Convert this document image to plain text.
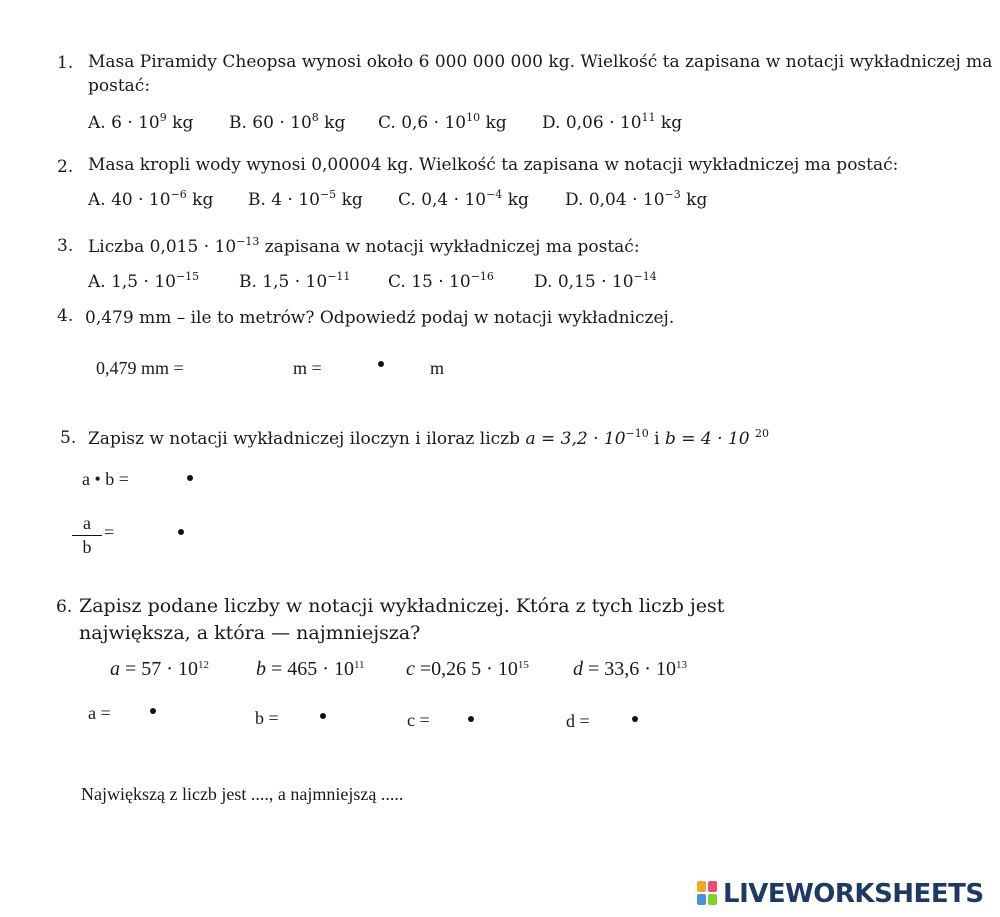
1. Masa Piramidy Cheopsa wynosi około 6 000 000 000 kg. Wielkość ta zapisana w notacji wykładniczej ma
postać:
A. $6 \cdot 10^9$ kg B. $60 \cdot 10^8$ kg C. $0,6 \cdot 10^{10}$ kg D. $0,06 \cdot 10^{11}$ kg
2. Masa kropli wody wynosi 0,00004 kg. Wielkość ta zapisana w notacji wykładniczej ma postać:
A. $40 \cdot 10^{-6}$ kg B. $4 \cdot 10^{-5}$ kg C. $0,4 \cdot 10^{-4}$ kg D. $0,04 \cdot 10^{-3}$ kg
3. Liczba $0,015 \cdot 10^{-13}$ zapisana w notacji wykładniczej ma postać:
A. $1,5 \cdot 10^{-15}$ B. $1,5 \cdot 10^{-11}$ C. $15 \cdot 10^{-16}$ D. $0,15 \cdot 10^{-14}$
4. 0,479 mm – ile to metrów? Odpowiedź podaj w notacji wykładniczej.
0,479 mm =	m =	m
5. Zapisz w notacji wykładniczej iloczyn i iloraz liczb $a = 3,2 \cdot 10^{-10}$ i b = 4 · 10 $^{20}$
a • b =
a
b
=
6. Zapisz podane liczby w notacji wykładniczej. Która z tych liczb jest
największa, a która — najmniejsza?
$a = 57 \cdot 10^{12}$ $b = 465 \cdot 10^{11}$ c =0,26 $5 \cdot 10^{15}$ $d = 33,6 \cdot 10^{13}$
a =	b =	c =	d =
Największą z liczb jest ...., a najmniejszą .....
LIVEWORKSHEETS
